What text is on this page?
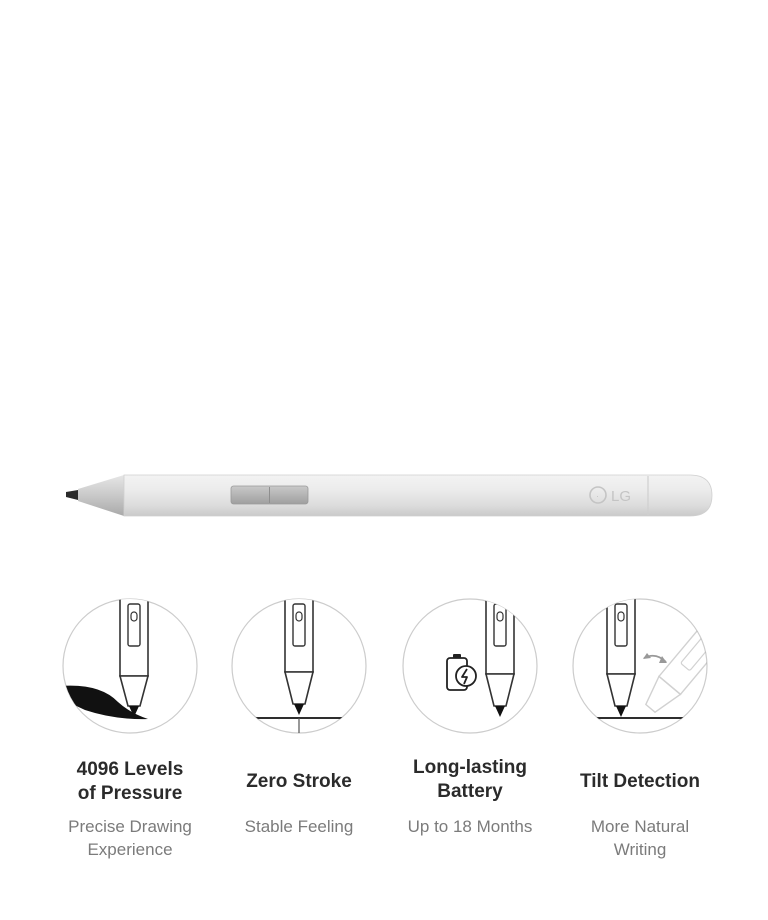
· LG
4096 Levels
of Pressure
Precise Drawing
Experience
Zero Stroke
Stable Feeling
Long-lasting
Battery
Up to 18 Months
Tilt Detection
More Natural
Writing
